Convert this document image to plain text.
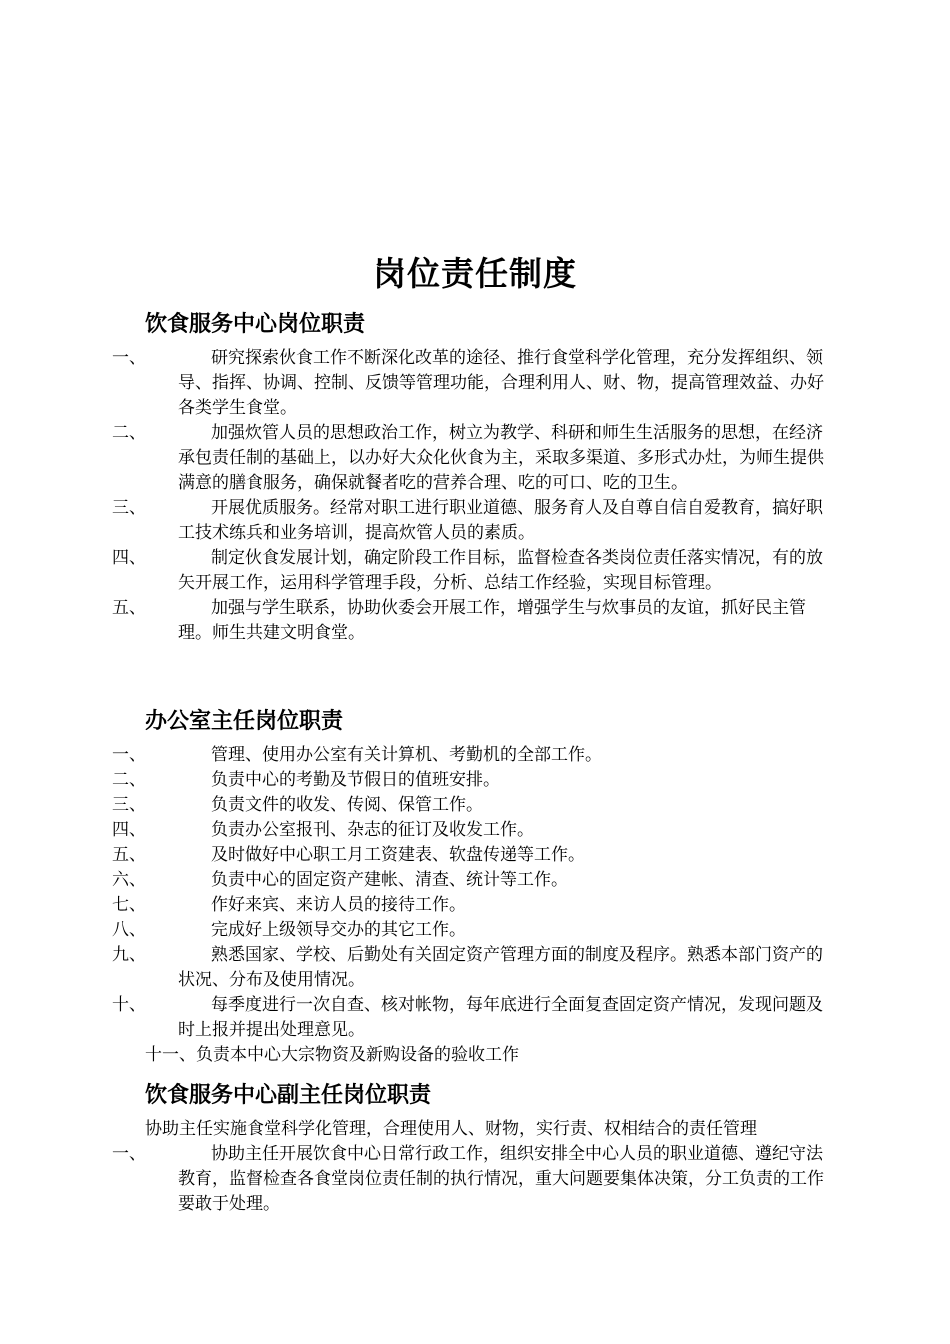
岗位责任制度
饮食服务中心岗位职责
一、	研究探索伙食工作不断深化改革的途径、推行食堂科学化管理，充分发挥组织、领导、指挥、协调、控制、反馈等管理功能，合理利用人、财、物，提高管理效益、办好各类学生食堂。
二、	加强炊管人员的思想政治工作，树立为教学、科研和师生生活服务的思想，在经济承包责任制的基础上，以办好大众化伙食为主，采取多渠道、多形式办灶，为师生提供满意的膳食服务，确保就餐者吃的营养合理、吃的可口、吃的卫生。
三、	开展优质服务。经常对职工进行职业道德、服务育人及自尊自信自爱教育，搞好职工技术练兵和业务培训，提高炊管人员的素质。
四、	制定伙食发展计划，确定阶段工作目标，监督检查各类岗位责任落实情况，有的放矢开展工作，运用科学管理手段，分析、总结工作经验，实现目标管理。
五、	加强与学生联系，协助伙委会开展工作，增强学生与炊事员的友谊，抓好民主管理。师生共建文明食堂。
办公室主任岗位职责
一、	管理、使用办公室有关计算机、考勤机的全部工作。
二、	负责中心的考勤及节假日的值班安排。
三、	负责文件的收发、传阅、保管工作。
四、	负责办公室报刊、杂志的征订及收发工作。
五、	及时做好中心职工月工资建表、软盘传递等工作。
六、	负责中心的固定资产建帐、清查、统计等工作。
七、	作好来宾、来访人员的接待工作。
八、	完成好上级领导交办的其它工作。
九、	熟悉国家、学校、后勤处有关固定资产管理方面的制度及程序。熟悉本部门资产的状况、分布及使用情况。
十、	每季度进行一次自查、核对帐物，每年底进行全面复查固定资产情况，发现问题及时上报并提出处理意见。
十一、负责本中心大宗物资及新购设备的验收工作
饮食服务中心副主任岗位职责
协助主任实施食堂科学化管理，合理使用人、财物，实行责、权相结合的责任管理
一、	协助主任开展饮食中心日常行政工作，组织安排全中心人员的职业道德、遵纪守法教育，监督检查各食堂岗位责任制的执行情况，重大问题要集体决策，分工负责的工作要敢于处理。
